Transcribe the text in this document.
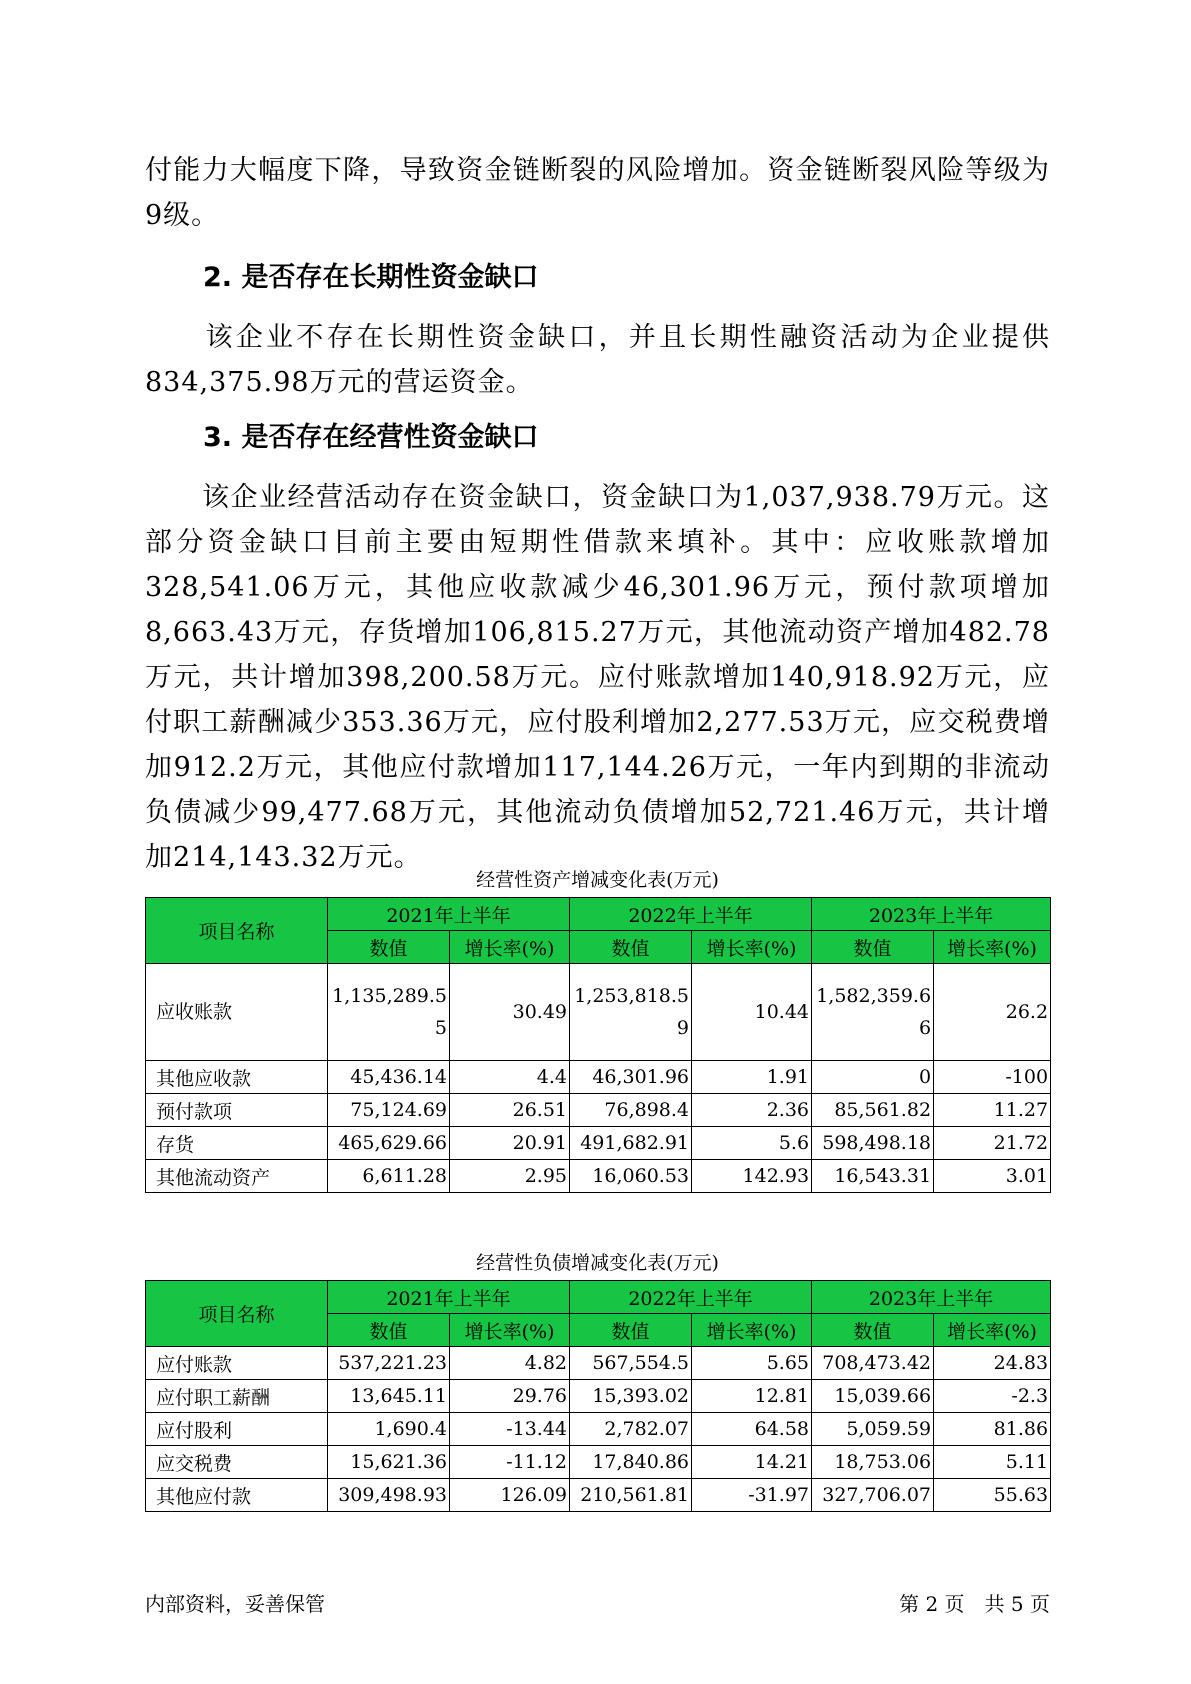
付能力大幅度下降，导致资金链断裂的风险增加。资金链断裂风险等级为9级。
2. 是否存在长期性资金缺口
　　该企业不存在长期性资金缺口，并且长期性融资活动为企业提供834,375.98万元的营运资金。
3. 是否存在经营性资金缺口
　　该企业经营活动存在资金缺口，资金缺口为1,037,938.79万元。这部分资金缺口目前主要由短期性借款来填补。其中：应收账款增加328,541.06万元，其他应收款减少46,301.96万元，预付款项增加8,663.43万元，存货增加106,815.27万元，其他流动资产增加482.78万元，共计增加398,200.58万元。应付账款增加140,918.92万元，应付职工薪酬减少353.36万元，应付股利增加2,277.53万元，应交税费增加912.2万元，其他应付款增加117,144.26万元，一年内到期的非流动负债减少99,477.68万元，其他流动负债增加52,721.46万元，共计增加214,143.32万元。
经营性资产增减变化表(万元)
项目名称	2021年上半年		2022年上半年		2023年上半年	
	数值	增长率(%)	数值	增长率(%)	数值	增长率(%)
应收账款	1,135,289.55	30.49	1,253,818.59	10.44	1,582,359.66	26.2
其他应收款	45,436.14	4.4	46,301.96	1.91	0	-100
预付款项	75,124.69	26.51	76,898.4	2.36	85,561.82	11.27
存货	465,629.66	20.91	491,682.91	5.6	598,498.18	21.72
其他流动资产	6,611.28	2.95	16,060.53	142.93	16,543.31	3.01
经营性负债增减变化表(万元)
项目名称	2021年上半年		2022年上半年		2023年上半年	
	数值	增长率(%)	数值	增长率(%)	数值	增长率(%)
应付账款	537,221.23	4.82	567,554.5	5.65	708,473.42	24.83
应付职工薪酬	13,645.11	29.76	15,393.02	12.81	15,039.66	-2.3
应付股利	1,690.4	-13.44	2,782.07	64.58	5,059.59	81.86
应交税费	15,621.36	-11.12	17,840.86	14.21	18,753.06	5.11
其他应付款	309,498.93	126.09	210,561.81	-31.97	327,706.07	55.63
内部资料，妥善保管	第 2 页　共 5 页
